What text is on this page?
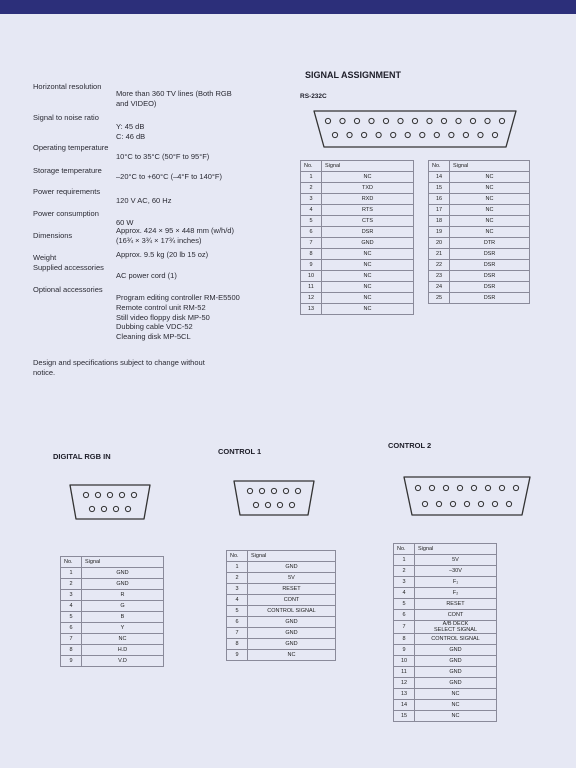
Horizontal resolution
More than 360 TV lines (Both RGB
and VIDEO)
Signal to noise ratio
Y: 45 dB
C: 46 dB
Operating temperature
10°C to 35°C (50°F to 95°F)
Storage temperature
–20°C to +60°C (–4°F to 140°F)
Power requirements
120 V AC, 60 Hz
Power consumption
60 W
Dimensions
Approx. 424 × 95 × 448 mm (w/h/d)
(16¾ × 3¾ × 17¾ inches)
Weight	Approx. 9.5 kg (20 lb 15 oz)
Supplied accessories
AC power cord (1)
Optional accessories
Program editing controller RM-E5500
Remote control unit RM-52
Still video floppy disk MP-50
Dubbing cable VDC-52
Cleaning disk MP-5CL
Design and specifications subject to change without
notice.
SIGNAL ASSIGNMENT
RS-232C
No.	Signal
1	NC
2	TXD
3	RXD
4	RTS
5	CTS
6	DSR
7	GND
8	NC
9	NC
10	NC
11	NC
12	NC
13	NC
No.	Signal
14	NC
15	NC
16	NC
17	NC
18	NC
19	NC
20	DTR
21	DSR
22	DSR
23	DSR
24	DSR
25	DSR
DIGITAL RGB IN
No.	Signal
1	GND
2	GND
3	R
4	G
5	B
6	Y
7	NC
8	H.D
9	V.D
CONTROL 1
No.	Signal
1	GND
2	5V
3	RESET
4	CONT
5	CONTROL SIGNAL
6	GND
7	GND
8	GND
9	NC
CONTROL 2
No.	Signal
1	5V
2	–30V
3	F₁
4	F₂
5	RESET
6	CONT
7	A/B DECK
SELECT SIGNAL
8	CONTROL SIGNAL
9	GND
10	GND
11	GND
12	GND
13	NC
14	NC
15	NC
